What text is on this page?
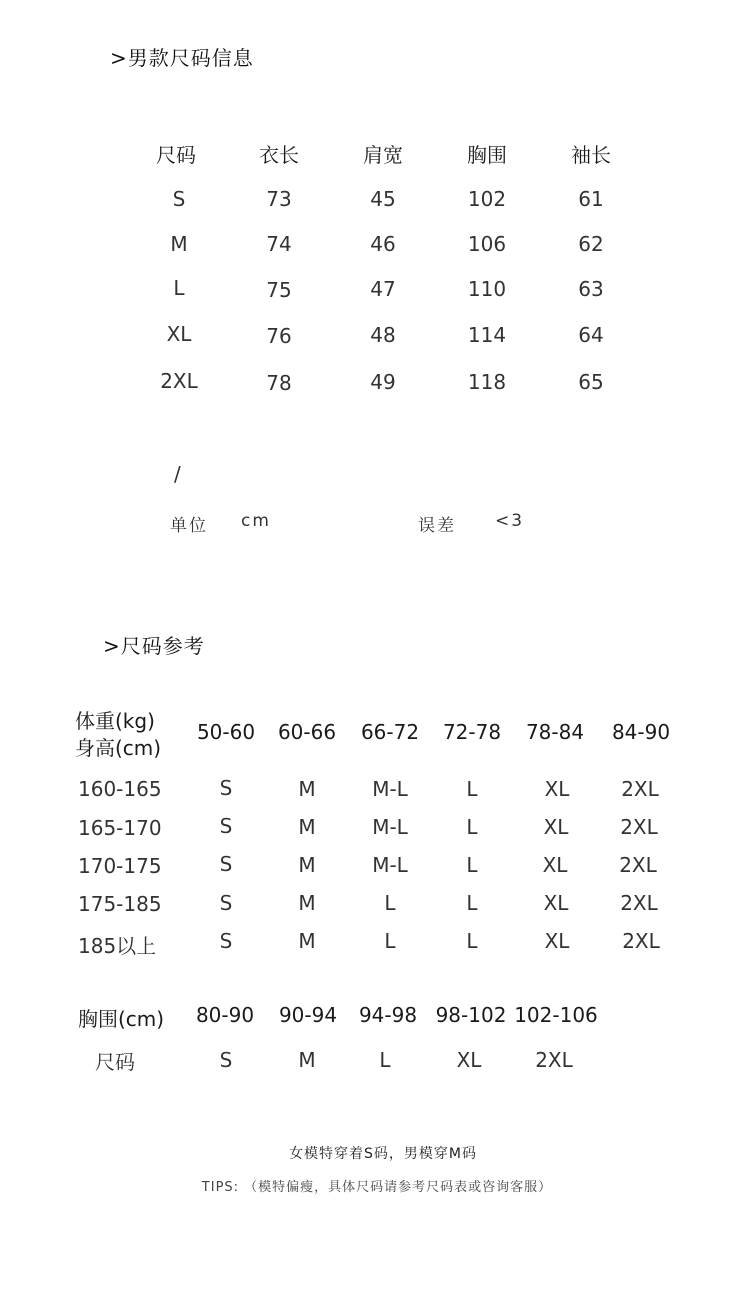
>男款尺码信息
尺码	衣长	肩宽	胸围	袖长
S	73	45	102	61
M	74	46	106	62
L	75	47	110	63
XL	76	48	114	64
2XL	78	49	118	65
/
单位 cm	误差 <3
>尺码参考
体重(kg)
身高(cm)
50-60 60-66 66-72 72-78 78-84 84-90
160-165	S	M	M-L	L	XL	2XL
165-170	S	M	M-L	L	XL	2XL
170-175	S	M	M-L	L	XL	2XL
175-185	S	M	L	L	XL	2XL
185以上	S	M	L	L	XL	2XL
胸围(cm) 80-90 90-94 94-98 98-102 102-106
尺码	S	M	L	XL	2XL
女模特穿着S码，男模穿M码
TIPS: （模特偏瘦，具体尺码请参考尺码表或咨询客服）
